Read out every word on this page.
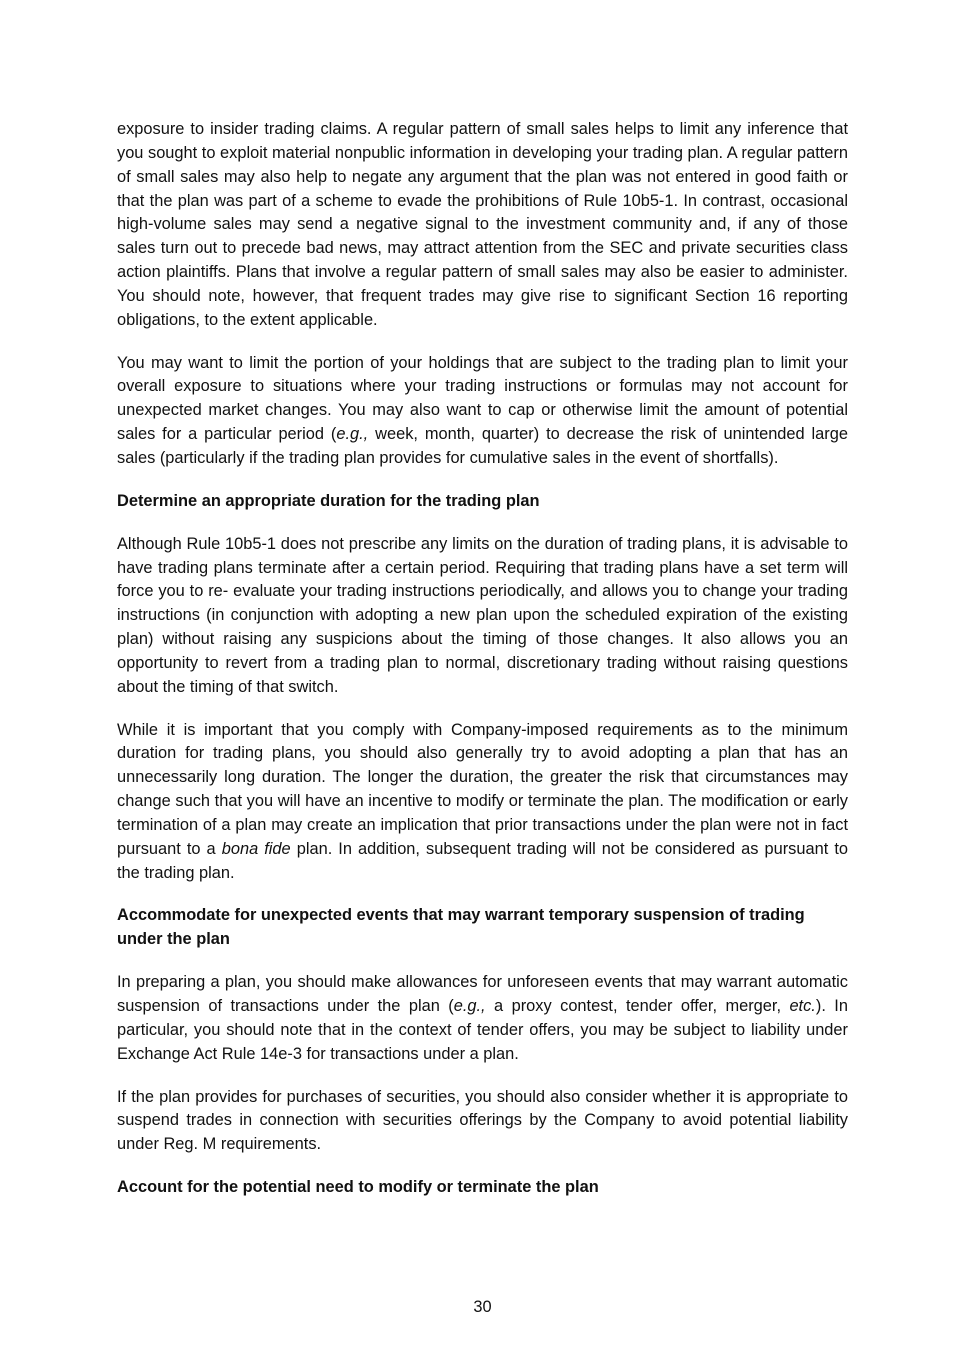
exposure to insider trading claims. A regular pattern of small sales helps to limit any inference that you sought to exploit material nonpublic information in developing your trading plan. A regular pattern of small sales may also help to negate any argument that the plan was not entered in good faith or that the plan was part of a scheme to evade the prohibitions of Rule 10b5-1. In contrast, occasional high-volume sales may send a negative signal to the investment community and, if any of those sales turn out to precede bad news, may attract attention from the SEC and private securities class action plaintiffs. Plans that involve a regular pattern of small sales may also be easier to administer. You should note, however, that frequent trades may give rise to significant Section 16 reporting obligations, to the extent applicable.

You may want to limit the portion of your holdings that are subject to the trading plan to limit your overall exposure to situations where your trading instructions or formulas may not account for unexpected market changes. You may also want to cap or otherwise limit the amount of potential sales for a particular period (e.g., week, month, quarter) to decrease the risk of unintended large sales (particularly if the trading plan provides for cumulative sales in the event of shortfalls).

Determine an appropriate duration for the trading plan

Although Rule 10b5-1 does not prescribe any limits on the duration of trading plans, it is advisable to have trading plans terminate after a certain period. Requiring that trading plans have a set term will force you to re- evaluate your trading instructions periodically, and allows you to change your trading instructions (in conjunction with adopting a new plan upon the scheduled expiration of the existing plan) without raising any suspicions about the timing of those changes. It also allows you an opportunity to revert from a trading plan to normal, discretionary trading without raising questions about the timing of that switch.

While it is important that you comply with Company-imposed requirements as to the minimum duration for trading plans, you should also generally try to avoid adopting a plan that has an unnecessarily long duration. The longer the duration, the greater the risk that circumstances may change such that you will have an incentive to modify or terminate the plan. The modification or early termination of a plan may create an implication that prior transactions under the plan were not in fact pursuant to a bona fide plan. In addition, subsequent trading will not be considered as pursuant to the trading plan.

Accommodate for unexpected events that may warrant temporary suspension of trading under the plan

In preparing a plan, you should make allowances for unforeseen events that may warrant automatic suspension of transactions under the plan (e.g., a proxy contest, tender offer, merger, etc.). In particular, you should note that in the context of tender offers, you may be subject to liability under Exchange Act Rule 14e-3 for transactions under a plan.

If the plan provides for purchases of securities, you should also consider whether it is appropriate to suspend trades in connection with securities offerings by the Company to avoid potential liability under Reg. M requirements.

Account for the potential need to modify or terminate the plan
30
